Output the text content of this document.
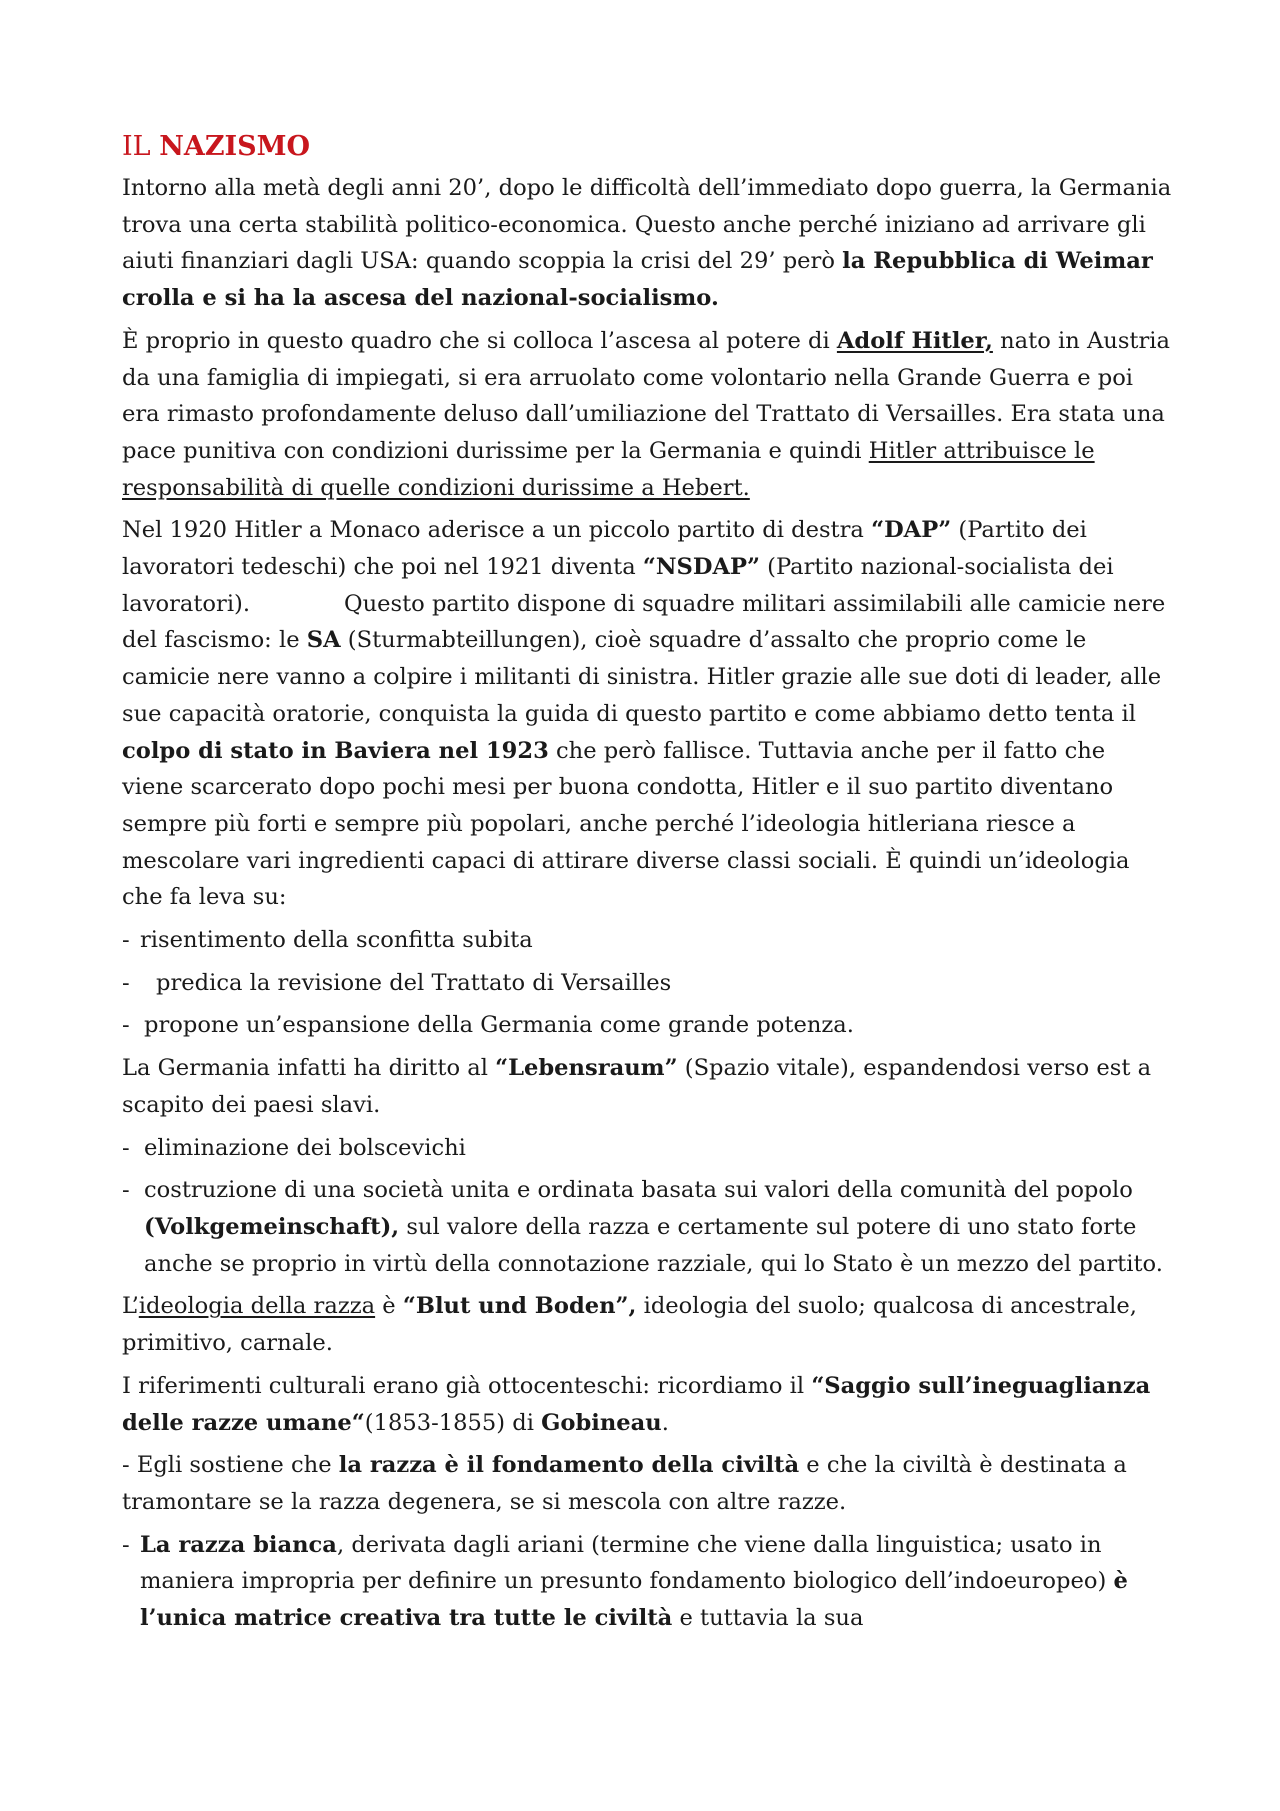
IL NAZISMO

Intorno alla metà degli anni 20’, dopo le difficoltà dell’immediato dopo guerra, la Germania trova una certa stabilità politico-economica. Questo anche perché iniziano ad arrivare gli aiuti finanziari dagli USA: quando scoppia la crisi del 29’ però la Repubblica di Weimar crolla e si ha la ascesa del nazional-socialismo.

È proprio in questo quadro che si colloca l’ascesa al potere di Adolf Hitler, nato in Austria da una famiglia di impiegati, si era arruolato come volontario nella Grande Guerra e poi era rimasto profondamente deluso dall’umiliazione del Trattato di Versailles. Era stata una pace punitiva con condizioni durissime per la Germania e quindi Hitler attribuisce le responsabilità di quelle condizioni durissime a Hebert.

Nel 1920 Hitler a Monaco aderisce a un piccolo partito di destra “DAP” (Partito dei lavoratori tedeschi) che poi nel 1921 diventa “NSDAP” (Partito nazional-socialista dei lavoratori).	Questo partito dispone di squadre militari assimilabili alle camicie nere del fascismo: le SA (Sturmabteillungen), cioè squadre d’assalto che proprio come le camicie nere vanno a colpire i militanti di sinistra. Hitler grazie alle sue doti di leader, alle sue capacità oratorie, conquista la guida di questo partito e come abbiamo detto tenta il colpo di stato in Baviera nel 1923 che però fallisce. Tuttavia anche per il fatto che viene scarcerato dopo pochi mesi per buona condotta, Hitler e il suo partito diventano sempre più forti e sempre più popolari, anche perché l’ideologia hitleriana riesce a mescolare vari ingredienti capaci di attirare diverse classi sociali. È quindi un’ideologia che fa leva su:

- risentimento della sconfitta subita

- predica la revisione del Trattato di Versailles

- propone un’espansione della Germania come grande potenza.

La Germania infatti ha diritto al “Lebensraum” (Spazio vitale), espandendosi verso est a scapito dei paesi slavi.

- eliminazione dei bolscevichi

- costruzione di una società unita e ordinata basata sui valori della comunità del popolo (Volkgemeinschaft), sul valore della razza e certamente sul potere di uno stato forte anche se proprio in virtù della connotazione razziale, qui lo Stato è un mezzo del partito.

L’ideologia della razza è “Blut und Boden”, ideologia del suolo; qualcosa di ancestrale, primitivo, carnale.

I riferimenti culturali erano già ottocenteschi: ricordiamo il “Saggio sull’ineguaglianza delle razze umane“(1853-1855) di Gobineau.

- Egli sostiene che la razza è il fondamento della civiltà e che la civiltà è destinata a tramontare se la razza degenera, se si mescola con altre razze.

- La razza bianca, derivata dagli ariani (termine che viene dalla linguistica; usato in maniera impropria per definire un presunto fondamento biologico dell’indoeuropeo) è l’unica matrice creativa tra tutte le civiltà e tuttavia la sua
